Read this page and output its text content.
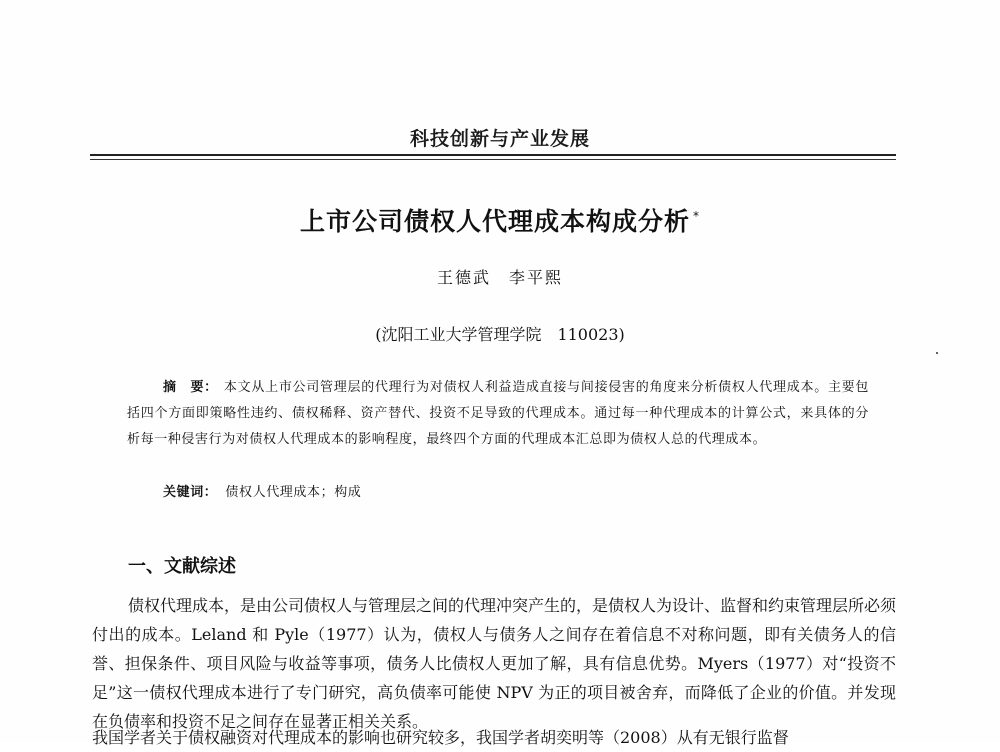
科技创新与产业发展
上市公司债权人代理成本构成分析 *
王德武　李平熙
(沈阳工业大学管理学院　110023)
摘　要： 本文从上市公司管理层的代理行为对债权人利益造成直接与间接侵害的角度来分析债权人代理成本。主要包括四个方面即策略性违约、债权稀释、资产替代、投资不足导致的代理成本。通过每一种代理成本的计算公式，来具体的分析每一种侵害行为对债权人代理成本的影响程度，最终四个方面的代理成本汇总即为债权人总的代理成本。
关键词： 债权人代理成本；构成
一、文献综述
债权代理成本，是由公司债权人与管理层之间的代理冲突产生的，是债权人为设计、监督和约束管理层所必须付出的成本。Leland 和 Pyle（1977）认为，债权人与债务人之间存在着信息不对称问题，即有关债务人的信誉、担保条件、项目风险与收益等事项，债务人比债权人更加了解，具有信息优势。Myers（1977）对“投资不足”这一债权代理成本进行了专门研究，高负债率可能使 NPV 为正的项目被舍弃，而降低了企业的价值。并发现在负债率和投资不足之间存在显著正相关关系。
我国学者关于债权融资对代理成本的影响也研究较多，我国学者胡奕明等（2008）从有无银行监督
